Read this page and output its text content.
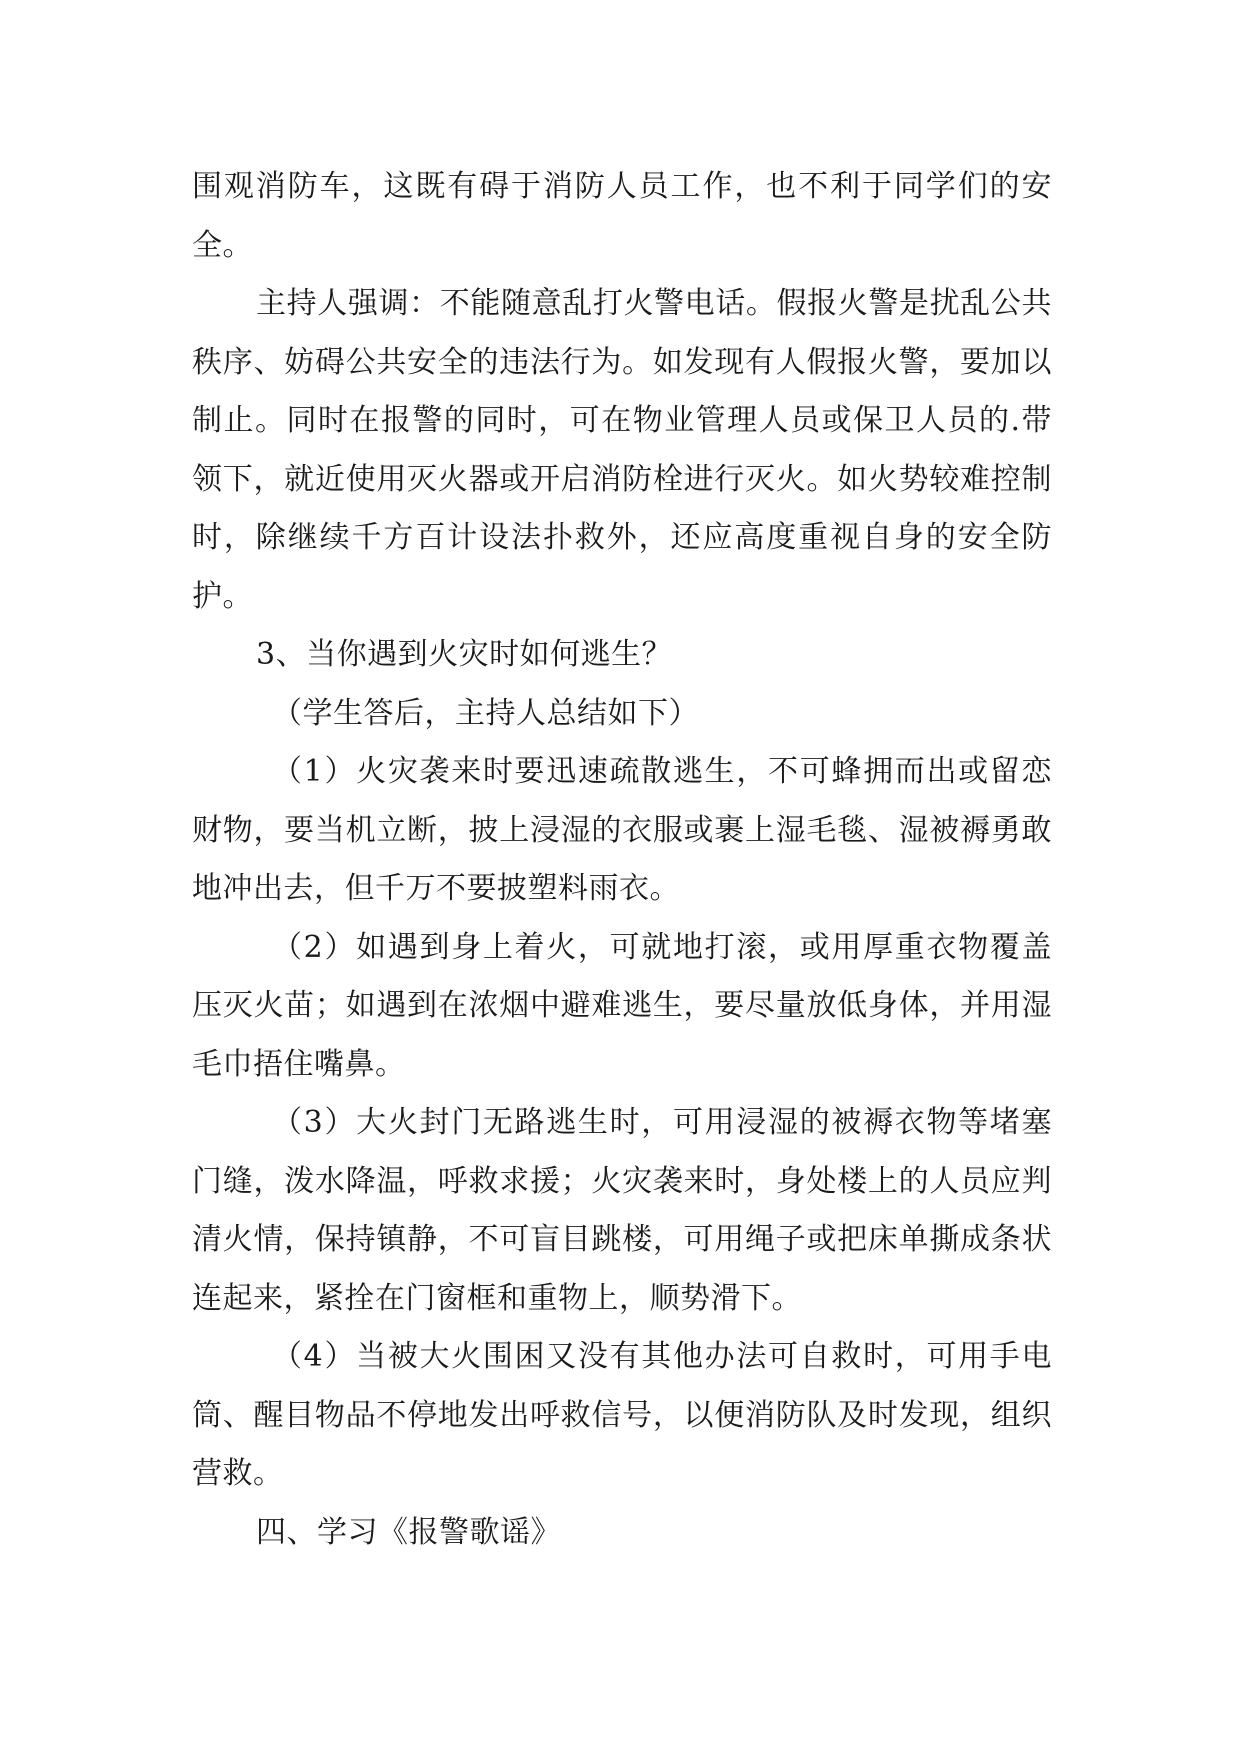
围观消防车，这既有碍于消防人员工作，也不利于同学们的安全。

主持人强调：不能随意乱打火警电话。假报火警是扰乱公共秩序、妨碍公共安全的违法行为。如发现有人假报火警，要加以制止。同时在报警的同时，可在物业管理人员或保卫人员的.带领下，就近使用灭火器或开启消防栓进行灭火。如火势较难控制时，除继续千方百计设法扑救外，还应高度重视自身的安全防护。

3、当你遇到火灾时如何逃生？

（学生答后，主持人总结如下）

（1）火灾袭来时要迅速疏散逃生，不可蜂拥而出或留恋财物，要当机立断，披上浸湿的衣服或裹上湿毛毯、湿被褥勇敢地冲出去，但千万不要披塑料雨衣。

（2）如遇到身上着火，可就地打滚，或用厚重衣物覆盖压灭火苗；如遇到在浓烟中避难逃生，要尽量放低身体，并用湿毛巾捂住嘴鼻。

（3）大火封门无路逃生时，可用浸湿的被褥衣物等堵塞门缝，泼水降温，呼救求援；火灾袭来时，身处楼上的人员应判清火情，保持镇静，不可盲目跳楼，可用绳子或把床单撕成条状连起来，紧拴在门窗框和重物上，顺势滑下。

（4）当被大火围困又没有其他办法可自救时，可用手电筒、醒目物品不停地发出呼救信号，以便消防队及时发现，组织营救。

四、学习《报警歌谣》
